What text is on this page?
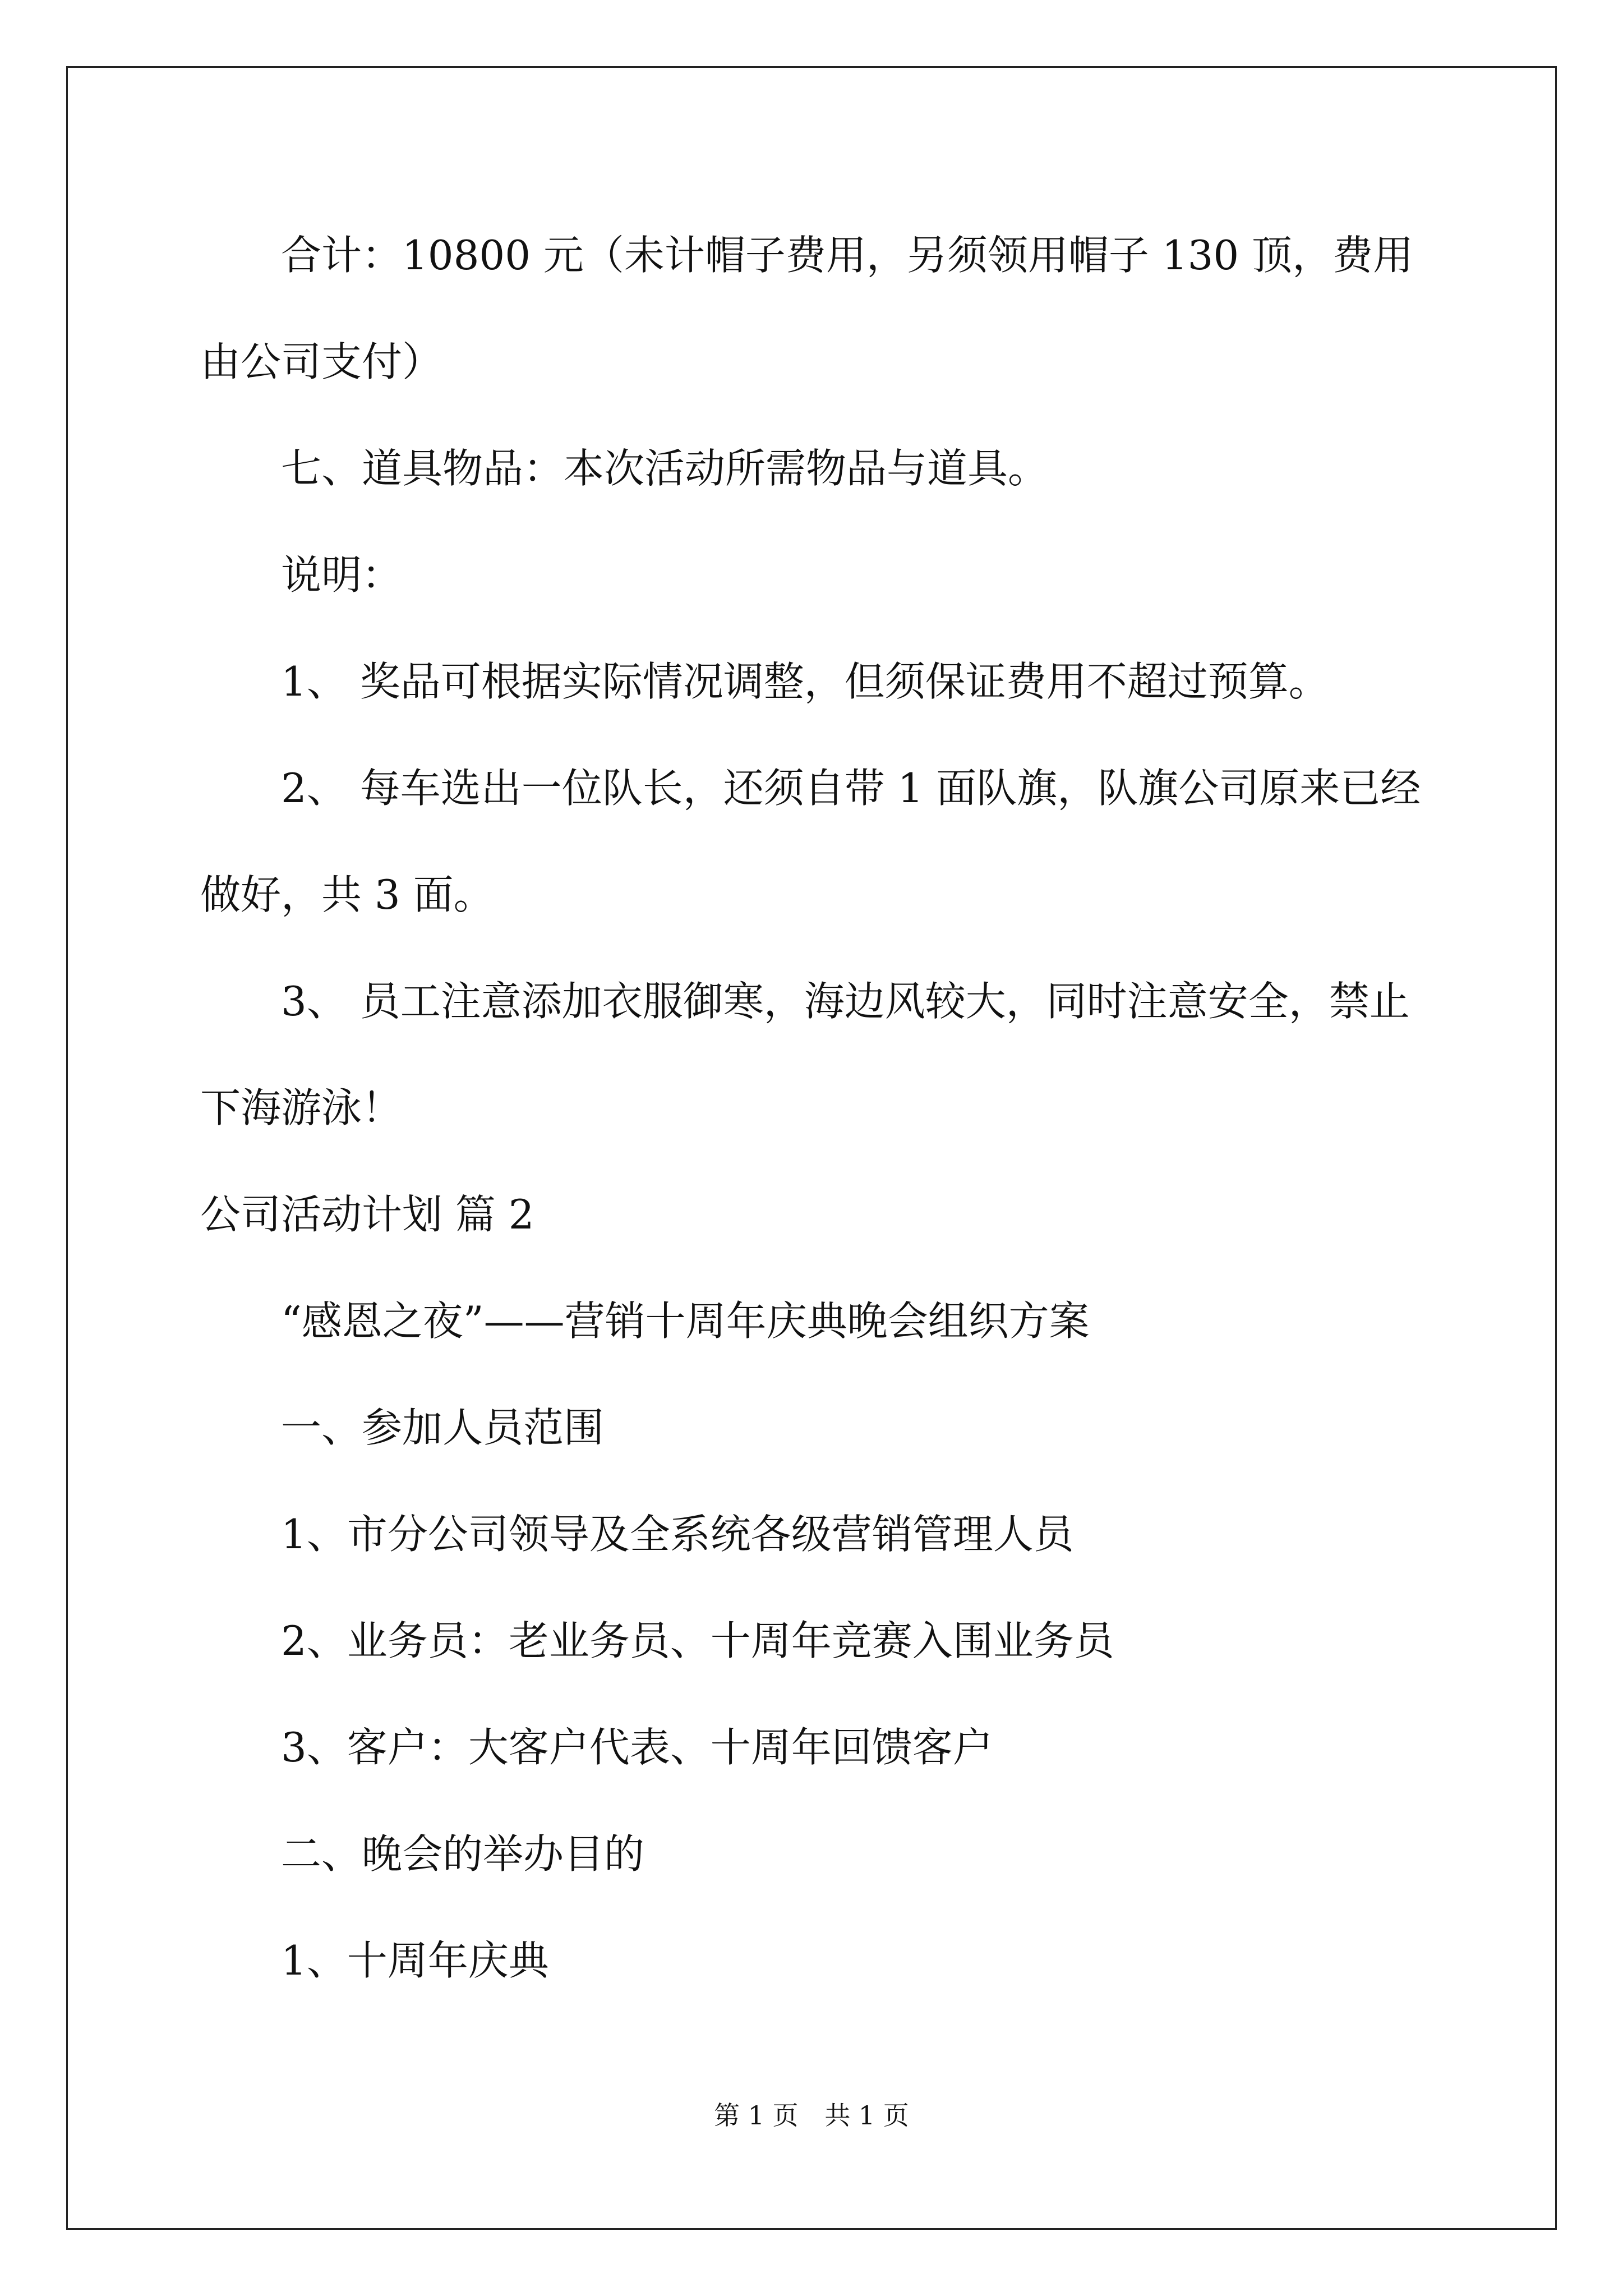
合计：10800 元（未计帽子费用，另须领用帽子 130 顶，费用由公司支付）

七、道具物品：本次活动所需物品与道具。

说明：

1、 奖品可根据实际情况调整，但须保证费用不超过预算。

2、 每车选出一位队长，还须自带 1 面队旗，队旗公司原来已经做好，共 3 面。

3、 员工注意添加衣服御寒，海边风较大，同时注意安全，禁止下海游泳！

公司活动计划 篇 2

“感恩之夜”——营销十周年庆典晚会组织方案

一、参加人员范围

1、市分公司领导及全系统各级营销管理人员

2、业务员：老业务员、十周年竞赛入围业务员

3、客户：大客户代表、十周年回馈客户

二、晚会的举办目的

1、十周年庆典

第 1 页 共 1 页
